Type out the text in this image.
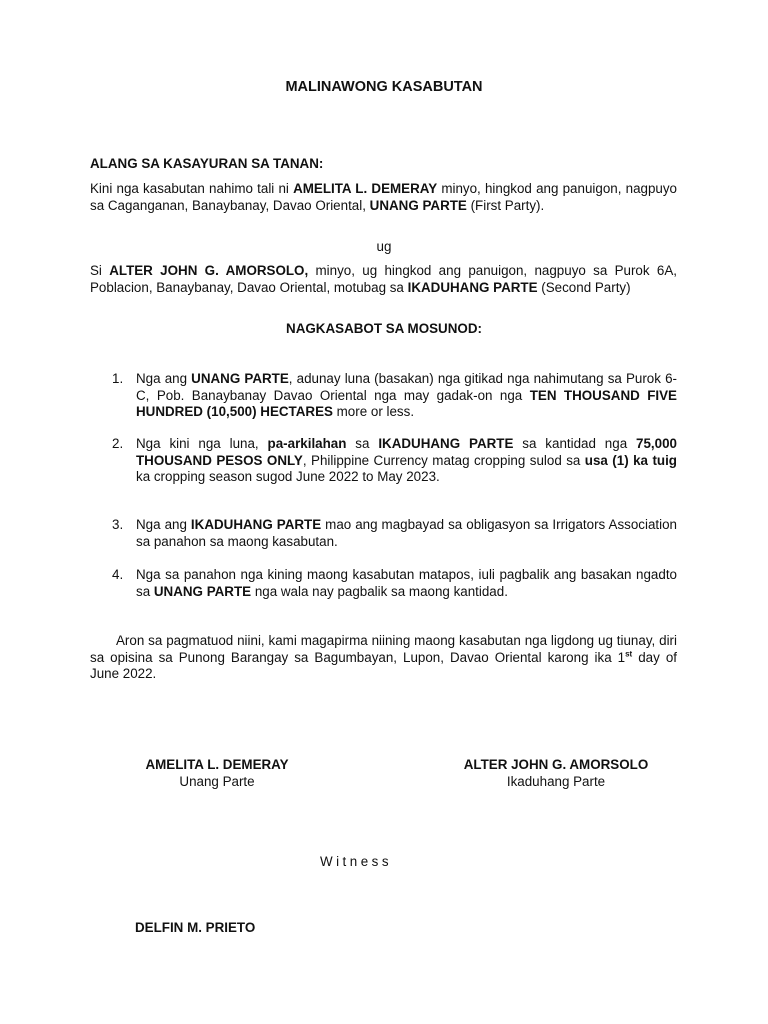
MALINAWONG KASABUTAN
ALANG SA KASAYURAN SA TANAN:
Kini nga kasabutan nahimo tali ni AMELITA L. DEMERAY minyo, hingkod ang panuigon, nagpuyo sa Caganganan, Banaybanay, Davao Oriental, UNANG PARTE (First Party).
ug
Si ALTER JOHN G. AMORSOLO, minyo, ug hingkod ang panuigon, nagpuyo sa Purok 6A, Poblacion, Banaybanay, Davao Oriental, motubag sa IKADUHANG PARTE (Second Party)
NAGKASABOT SA MOSUNOD:
1. Nga ang UNANG PARTE, adunay luna (basakan) nga gitikad nga nahimutang sa Purok 6-C, Pob. Banaybanay Davao Oriental nga may gadak-on nga TEN THOUSAND FIVE HUNDRED (10,500) HECTARES more or less.
2. Nga kini nga luna, pa-arkilahan sa IKADUHANG PARTE sa kantidad nga 75,000 THOUSAND PESOS ONLY, Philippine Currency matag cropping sulod sa usa (1) ka tuig ka cropping season sugod June 2022 to May 2023.
3. Nga ang IKADUHANG PARTE mao ang magbayad sa obligasyon sa Irrigators Association sa panahon sa maong kasabutan.
4. Nga sa panahon nga kining maong kasabutan matapos, iuli pagbalik ang basakan ngadto sa UNANG PARTE nga wala nay pagbalik sa maong kantidad.
Aron sa pagmatuod niini, kami magapirma niining maong kasabutan nga ligdong ug tiunay, diri sa opisina sa Punong Barangay sa Bagumbayan, Lupon, Davao Oriental karong ika 1st day of June 2022.
AMELITA L. DEMERAY
Unang Parte
ALTER JOHN G. AMORSOLO
Ikaduhang Parte
Witness
DELFIN M. PRIETO
